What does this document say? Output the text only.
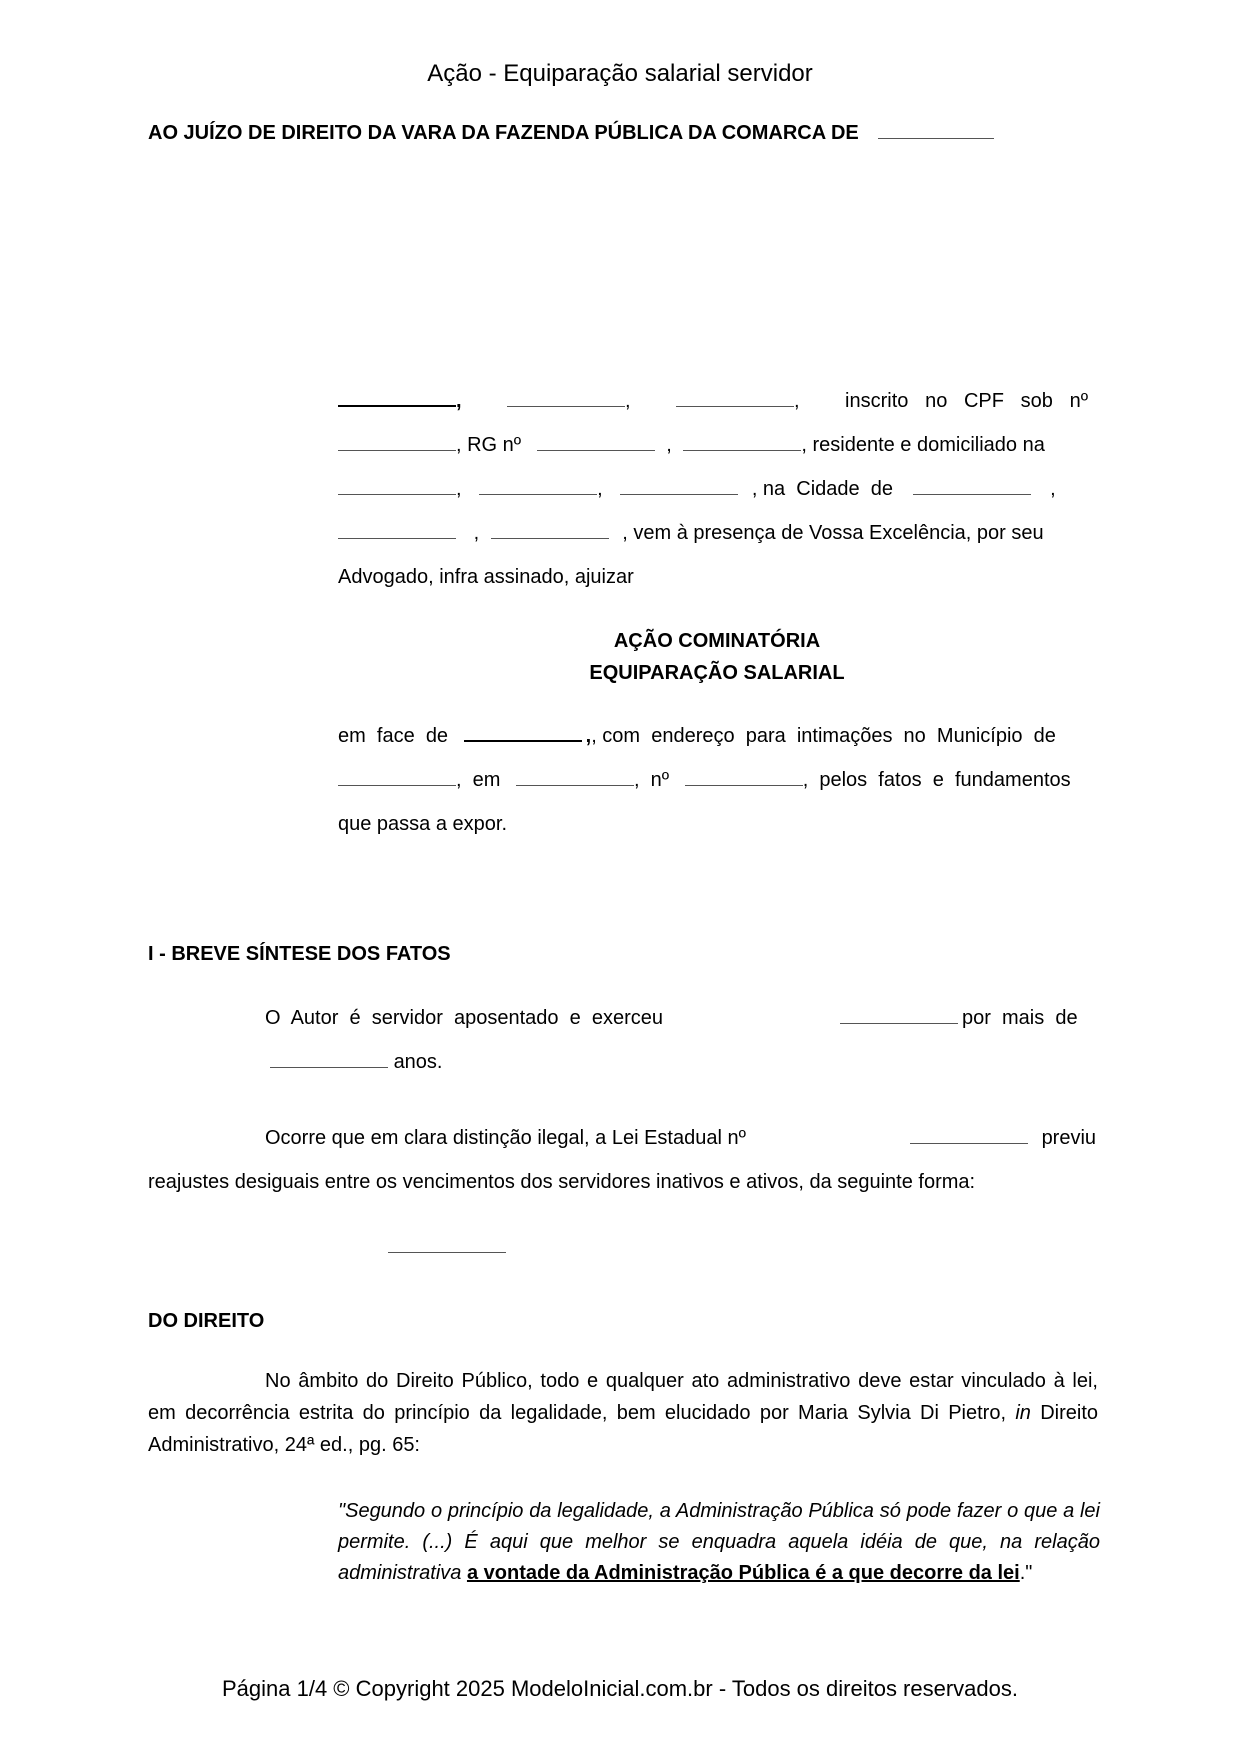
Ação - Equiparação salarial servidor
AO JUÍZO DE DIREITO DA VARA DA FAZENDA PÚBLICA DA COMARCA DE
,	,	, inscrito   no   CPF   sob   nº
, RG nº	,	, residente e domiciliado na
,	,	, na  Cidade  de	,
,	, vem à presença de Vossa Excelência, por seu
Advogado, infra assinado, ajuizar
AÇÃO COMINATÓRIA
EQUIPARAÇÃO SALARIAL
em  face  de	,, com  endereço  para  intimações  no  Município  de
,  em	,  nº	,  pelos  fatos  e  fundamentos
que passa a expor.
I - BREVE SÍNTESE DOS FATOS
O  Autor  é  servidor  aposentado  e  exerceu	por  mais  de
anos.
Ocorre que em clara distinção ilegal, a Lei Estadual nº	previu
reajustes desiguais entre os vencimentos dos servidores inativos e ativos, da seguinte forma:
DO DIREITO
No âmbito do Direito Público, todo e qualquer ato administrativo deve estar vinculado à lei, em decorrência estrita do princípio da legalidade, bem elucidado por Maria Sylvia Di Pietro, in Direito Administrativo, 24ª ed., pg. 65:
"Segundo o princípio da legalidade, a Administração Pública só pode fazer o que a lei permite. (...) É aqui que melhor se enquadra aquela idéia de que, na relação administrativa a vontade da Administração Pública é a que decorre da lei."
Página 1/4 © Copyright 2025 ModeloInicial.com.br - Todos os direitos reservados.
